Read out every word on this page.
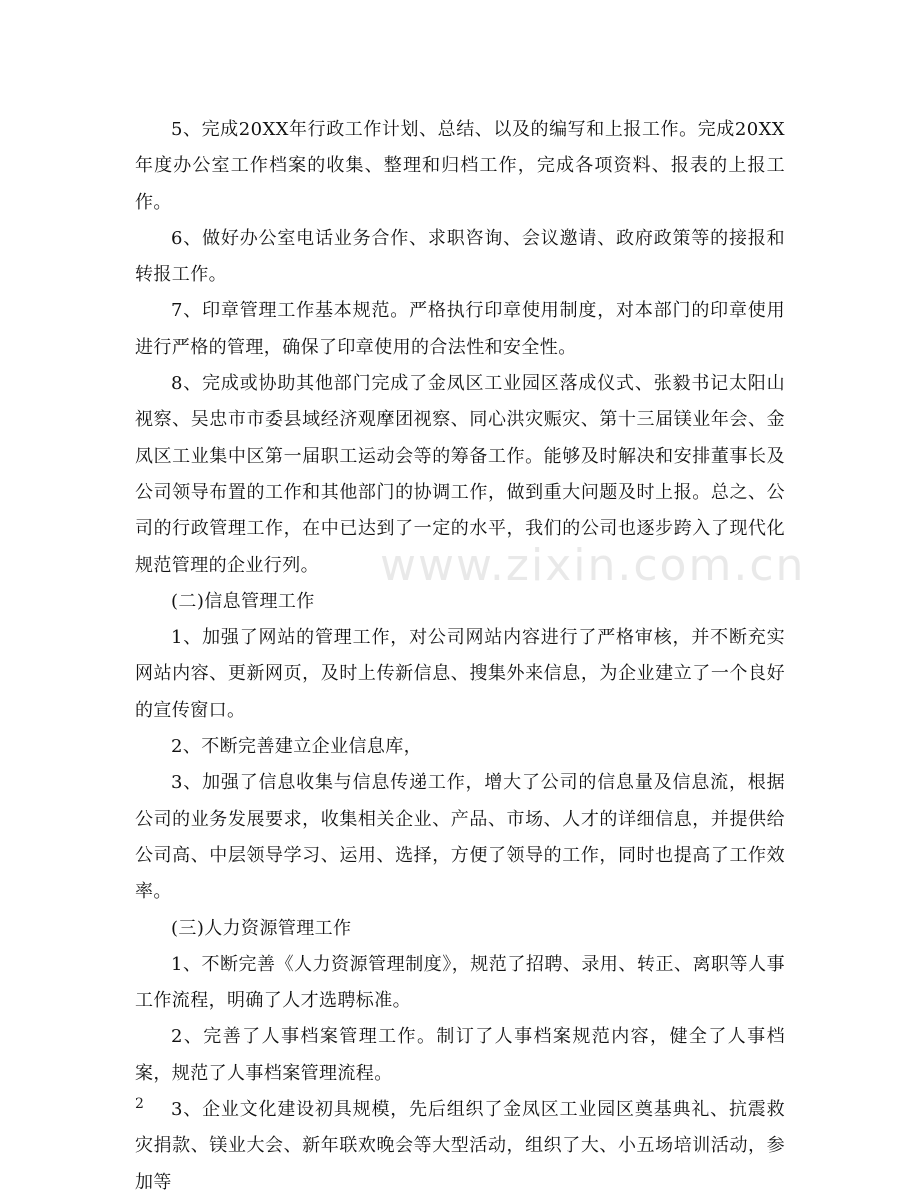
www.zixin.com.cn

5、完成20XX年行政工作计划、总结、以及的编写和上报工作。完成20XX年度办公室工作档案的收集、整理和归档工作，完成各项资料、报表的上报工作。

6、做好办公室电话业务合作、求职咨询、会议邀请、政府政策等的接报和转报工作。

7、印章管理工作基本规范。严格执行印章使用制度，对本部门的印章使用进行严格的管理，确保了印章使用的合法性和安全性。

8、完成或协助其他部门完成了金凤区工业园区落成仪式、张毅书记太阳山视察、吴忠市市委县域经济观摩团视察、同心洪灾赈灾、第十三届镁业年会、金凤区工业集中区第一届职工运动会等的筹备工作。能够及时解决和安排董事长及公司领导布置的工作和其他部门的协调工作，做到重大问题及时上报。总之、公司的行政管理工作，在中已达到了一定的水平，我们的公司也逐步跨入了现代化规范管理的企业行列。

(二)信息管理工作

1、加强了网站的管理工作，对公司网站内容进行了严格审核，并不断充实网站内容、更新网页，及时上传新信息、搜集外来信息，为企业建立了一个良好的宣传窗口。

2、不断完善建立企业信息库，

3、加强了信息收集与信息传递工作，增大了公司的信息量及信息流，根据公司的业务发展要求，收集相关企业、产品、市场、人才的详细信息，并提供给公司高、中层领导学习、运用、选择，方便了领导的工作，同时也提高了工作效率。

(三)人力资源管理工作

1、不断完善《人力资源管理制度》，规范了招聘、录用、转正、离职等人事工作流程，明确了人才选聘标准。

2、完善了人事档案管理工作。制订了人事档案规范内容，健全了人事档案，规范了人事档案管理流程。

3、企业文化建设初具规模，先后组织了金凤区工业园区奠基典礼、抗震救灾捐款、镁业大会、新年联欢晚会等大型活动，组织了大、小五场培训活动，参加等

2
